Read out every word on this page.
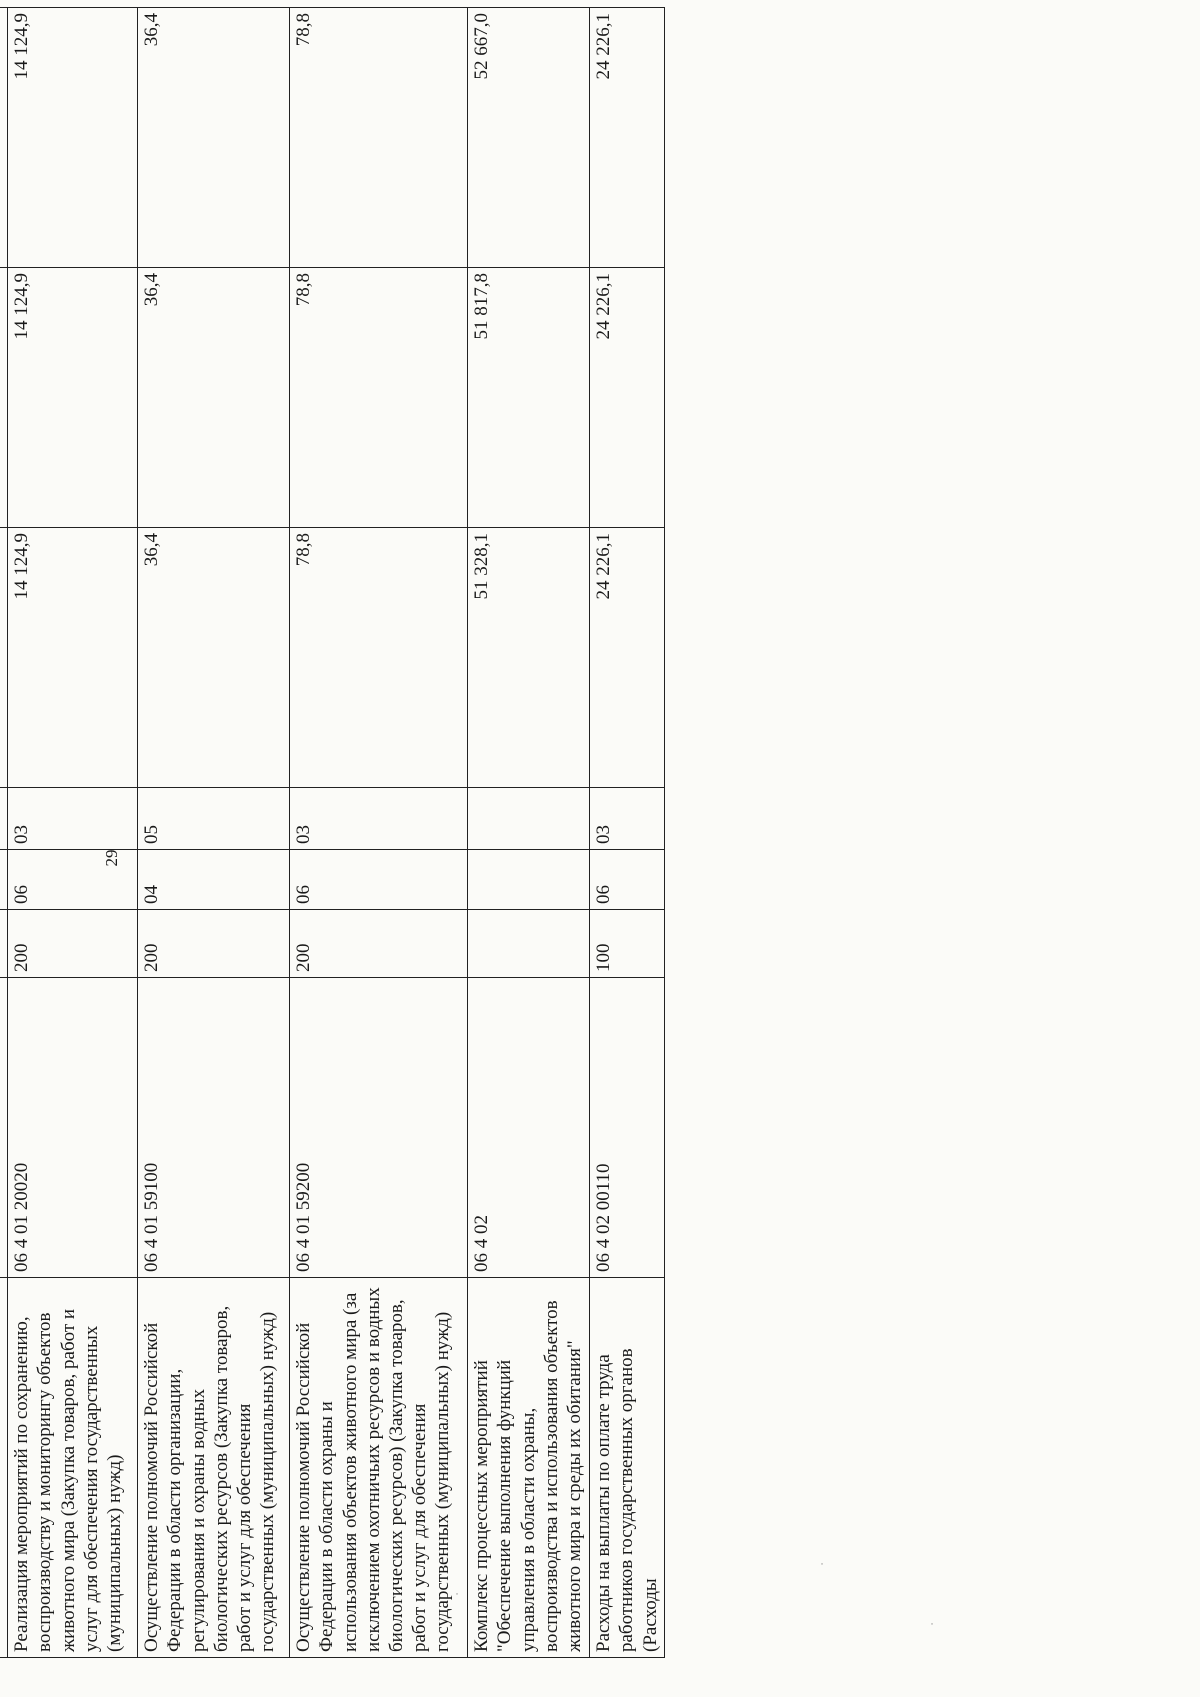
29

Реализация мероприятий по сохранению, воспроизводству и мониторингу объектов животного мира (Закупка товаров, работ и услуг для обеспечения государственных (муниципальных) нужд)	06 4 01 20020	200	06	03	14 124,9	14 124,9	14 124,9
Осуществление полномочий Российской Федерации в области организации, регулирования и охраны водных биологических ресурсов (Закупка товаров, работ и услуг для обеспечения государственных (муниципальных) нужд)	06 4 01 59100	200	04	05	36,4	36,4	36,4
Осуществление полномочий Российской Федерации в области охраны и использования объектов животного мира (за исключением охотничьих ресурсов и водных биологических ресурсов) (Закупка товаров, работ и услуг для обеспечения государственных (муниципальных) нужд)	06 4 01 59200	200	06	03	78,8	78,8	78,8
Комплекс процессных мероприятий "Обеспечение выполнения функций управления в области охраны, воспроизводства и использования объектов животного мира и среды их обитания"	06 4 02				51 328,1	51 817,8	52 667,0
Расходы на выплаты по оплате труда работников государственных органов (Расходы	06 4 02 00110	100	06	03	24 226,1	24 226,1	24 226,1
˙
˙
˙
